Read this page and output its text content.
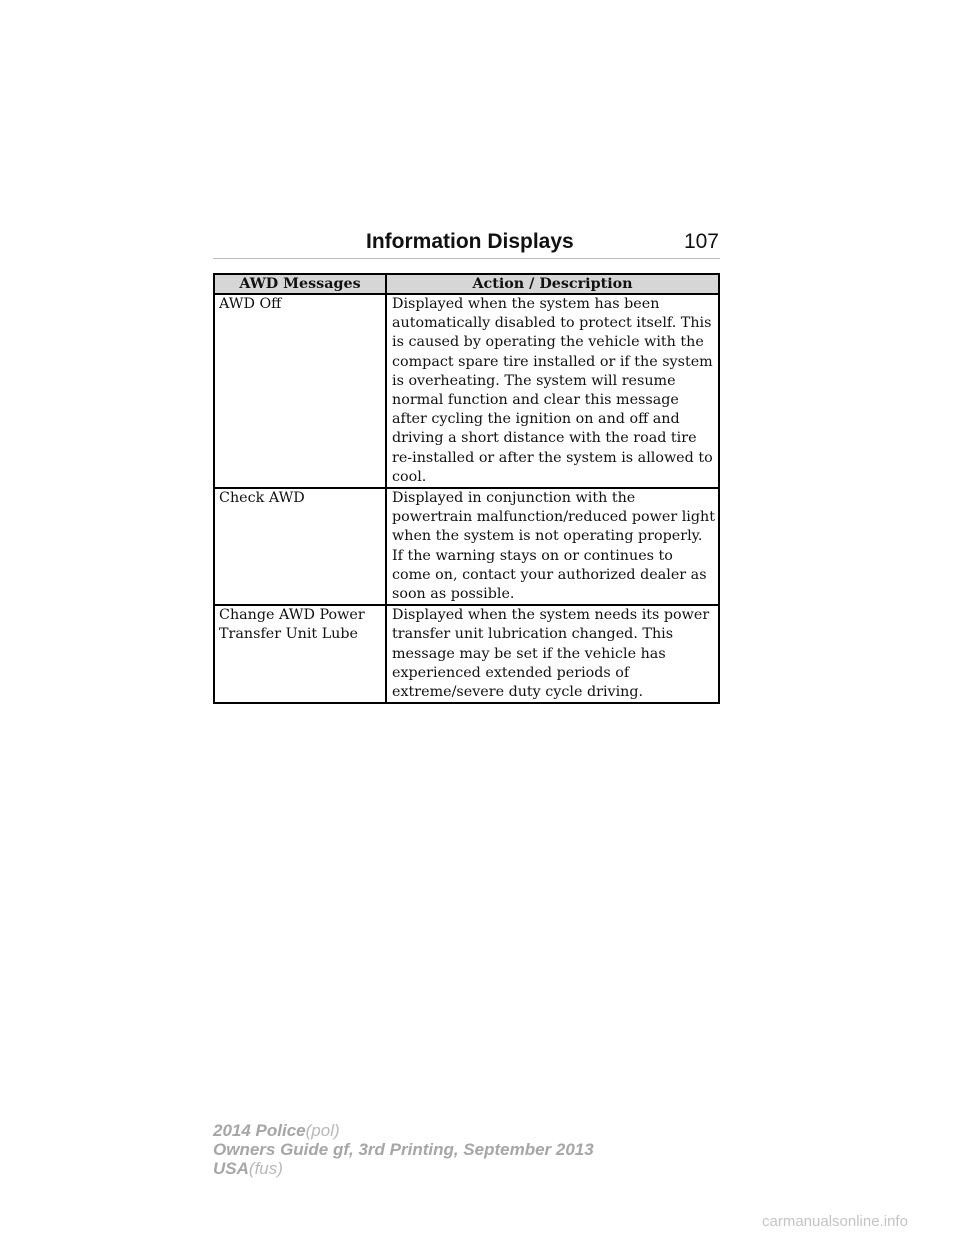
Information Displays	107
AWD Messages	Action / Description
AWD Off	Displayed when the system has been automatically disabled to protect itself. This is caused by operating the vehicle with the compact spare tire installed or if the system is overheating. The system will resume normal function and clear this message after cycling the ignition on and off and driving a short distance with the road tire re-installed or after the system is allowed to cool.
Check AWD	Displayed in conjunction with the powertrain malfunction/reduced power light when the system is not operating properly. If the warning stays on or continues to come on, contact your authorized dealer as soon as possible.
Change AWD Power Transfer Unit Lube	Displayed when the system needs its power transfer unit lubrication changed. This message may be set if the vehicle has experienced extended periods of extreme/severe duty cycle driving.
2014 Police(pol)
Owners Guide gf, 3rd Printing, September 2013
USA(fus)
carmanualsonline.info
